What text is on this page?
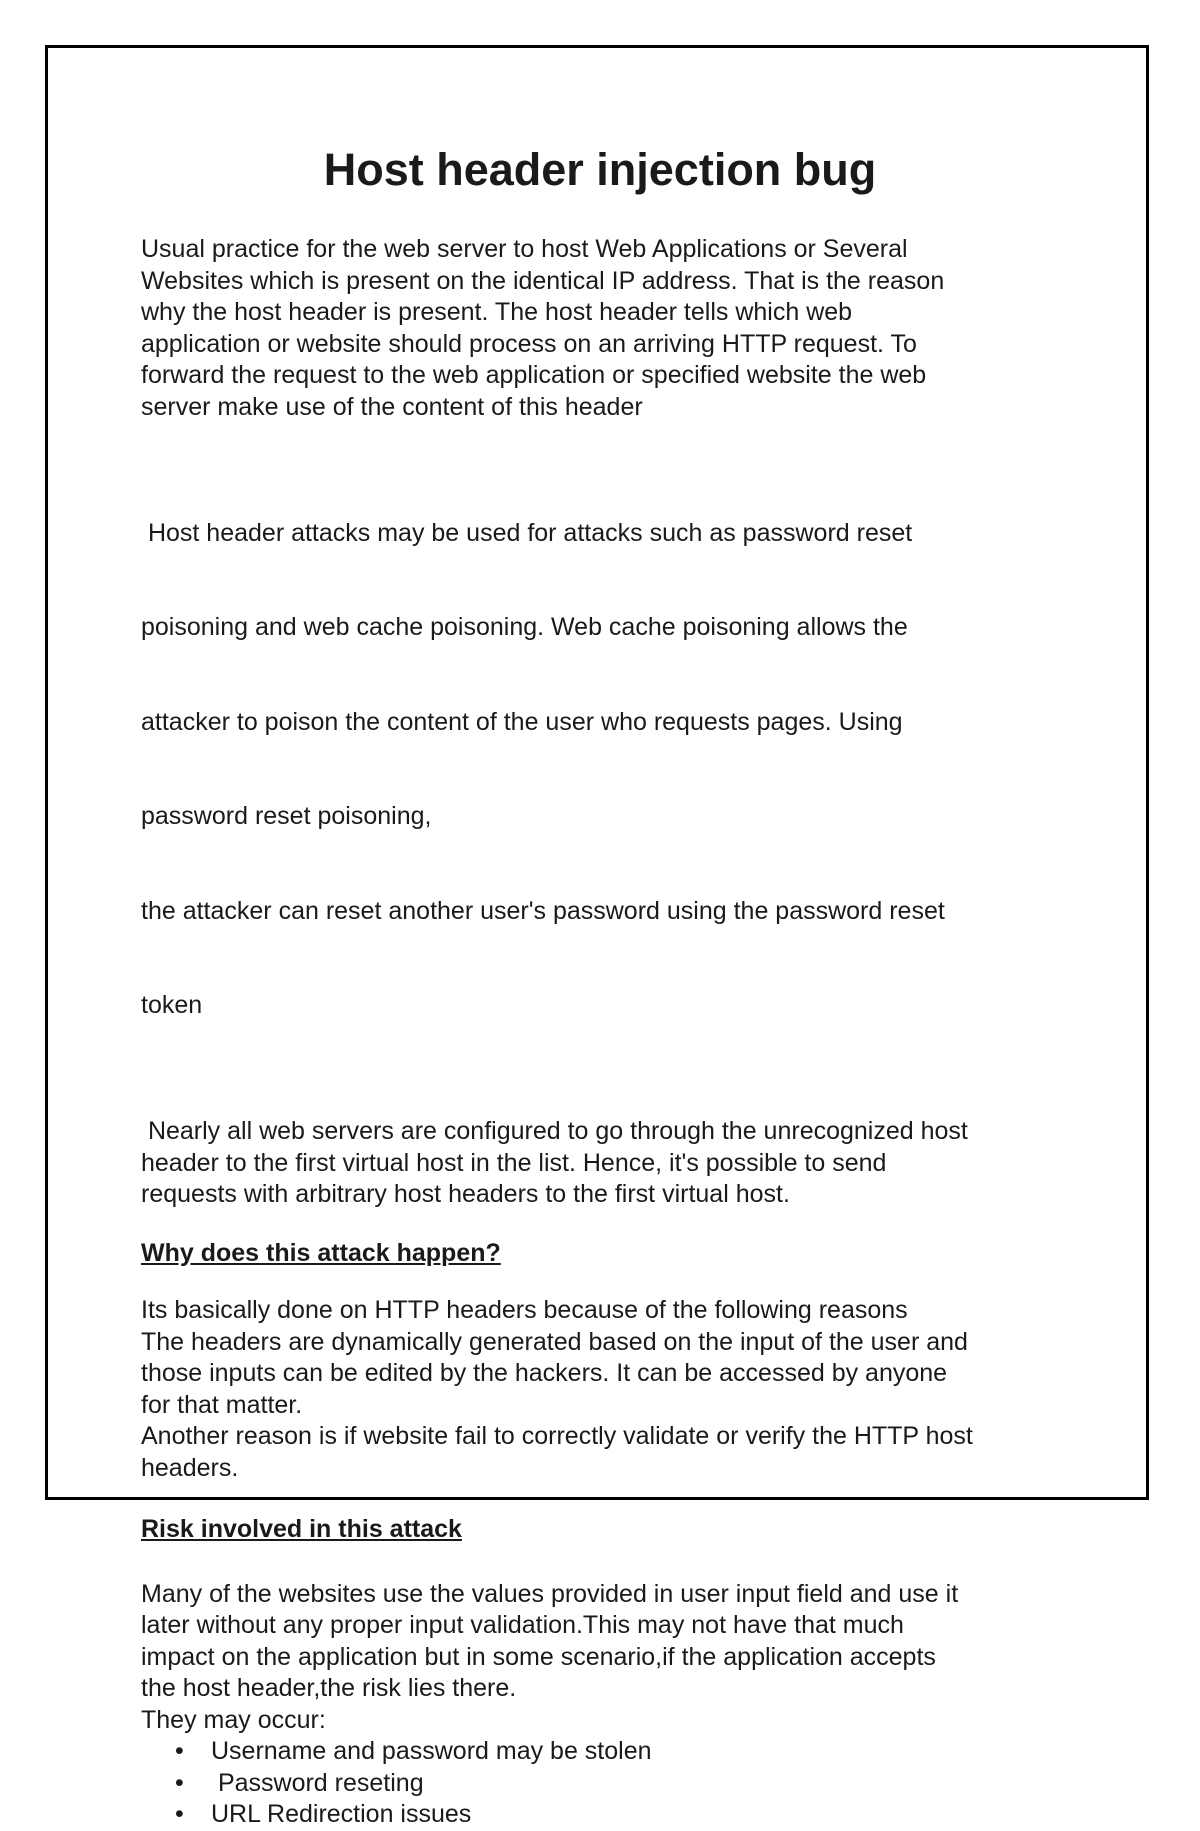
Host header injection bug
Usual practice for the web server to host Web Applications or Several
Websites which is present on the identical IP address. That is the reason
why the host header is present. The host header tells which web
application or website should process on an arriving HTTP request. To
forward the request to the web application or specified website the web
server make use of the content of this header

Host header attacks may be used for attacks such as password reset

poisoning and web cache poisoning. Web cache poisoning allows the

attacker to poison the content of the user who requests pages. Using

password reset poisoning,

the attacker can reset another user's password using the password reset

token

Nearly all web servers are configured to go through the unrecognized host
header to the first virtual host in the list. Hence, it's possible to send
requests with arbitrary host headers to the first virtual host.
Why does this attack happen?
Its basically done on HTTP headers because of the following reasons
The headers are dynamically generated based on the input of the user and
those inputs can be edited by the hackers. It can be accessed by anyone
for that matter.
Another reason is if website fail to correctly validate or verify the HTTP host
headers.
Risk involved in this attack
Many of the websites use the values provided in user input field and use it
later without any proper input validation.This may not have that much
impact on the application but in some scenario,if the application accepts
the host header,the risk lies there.
They may occur:
• Username and password may be stolen
• Password reseting
• URL Redirection issues
